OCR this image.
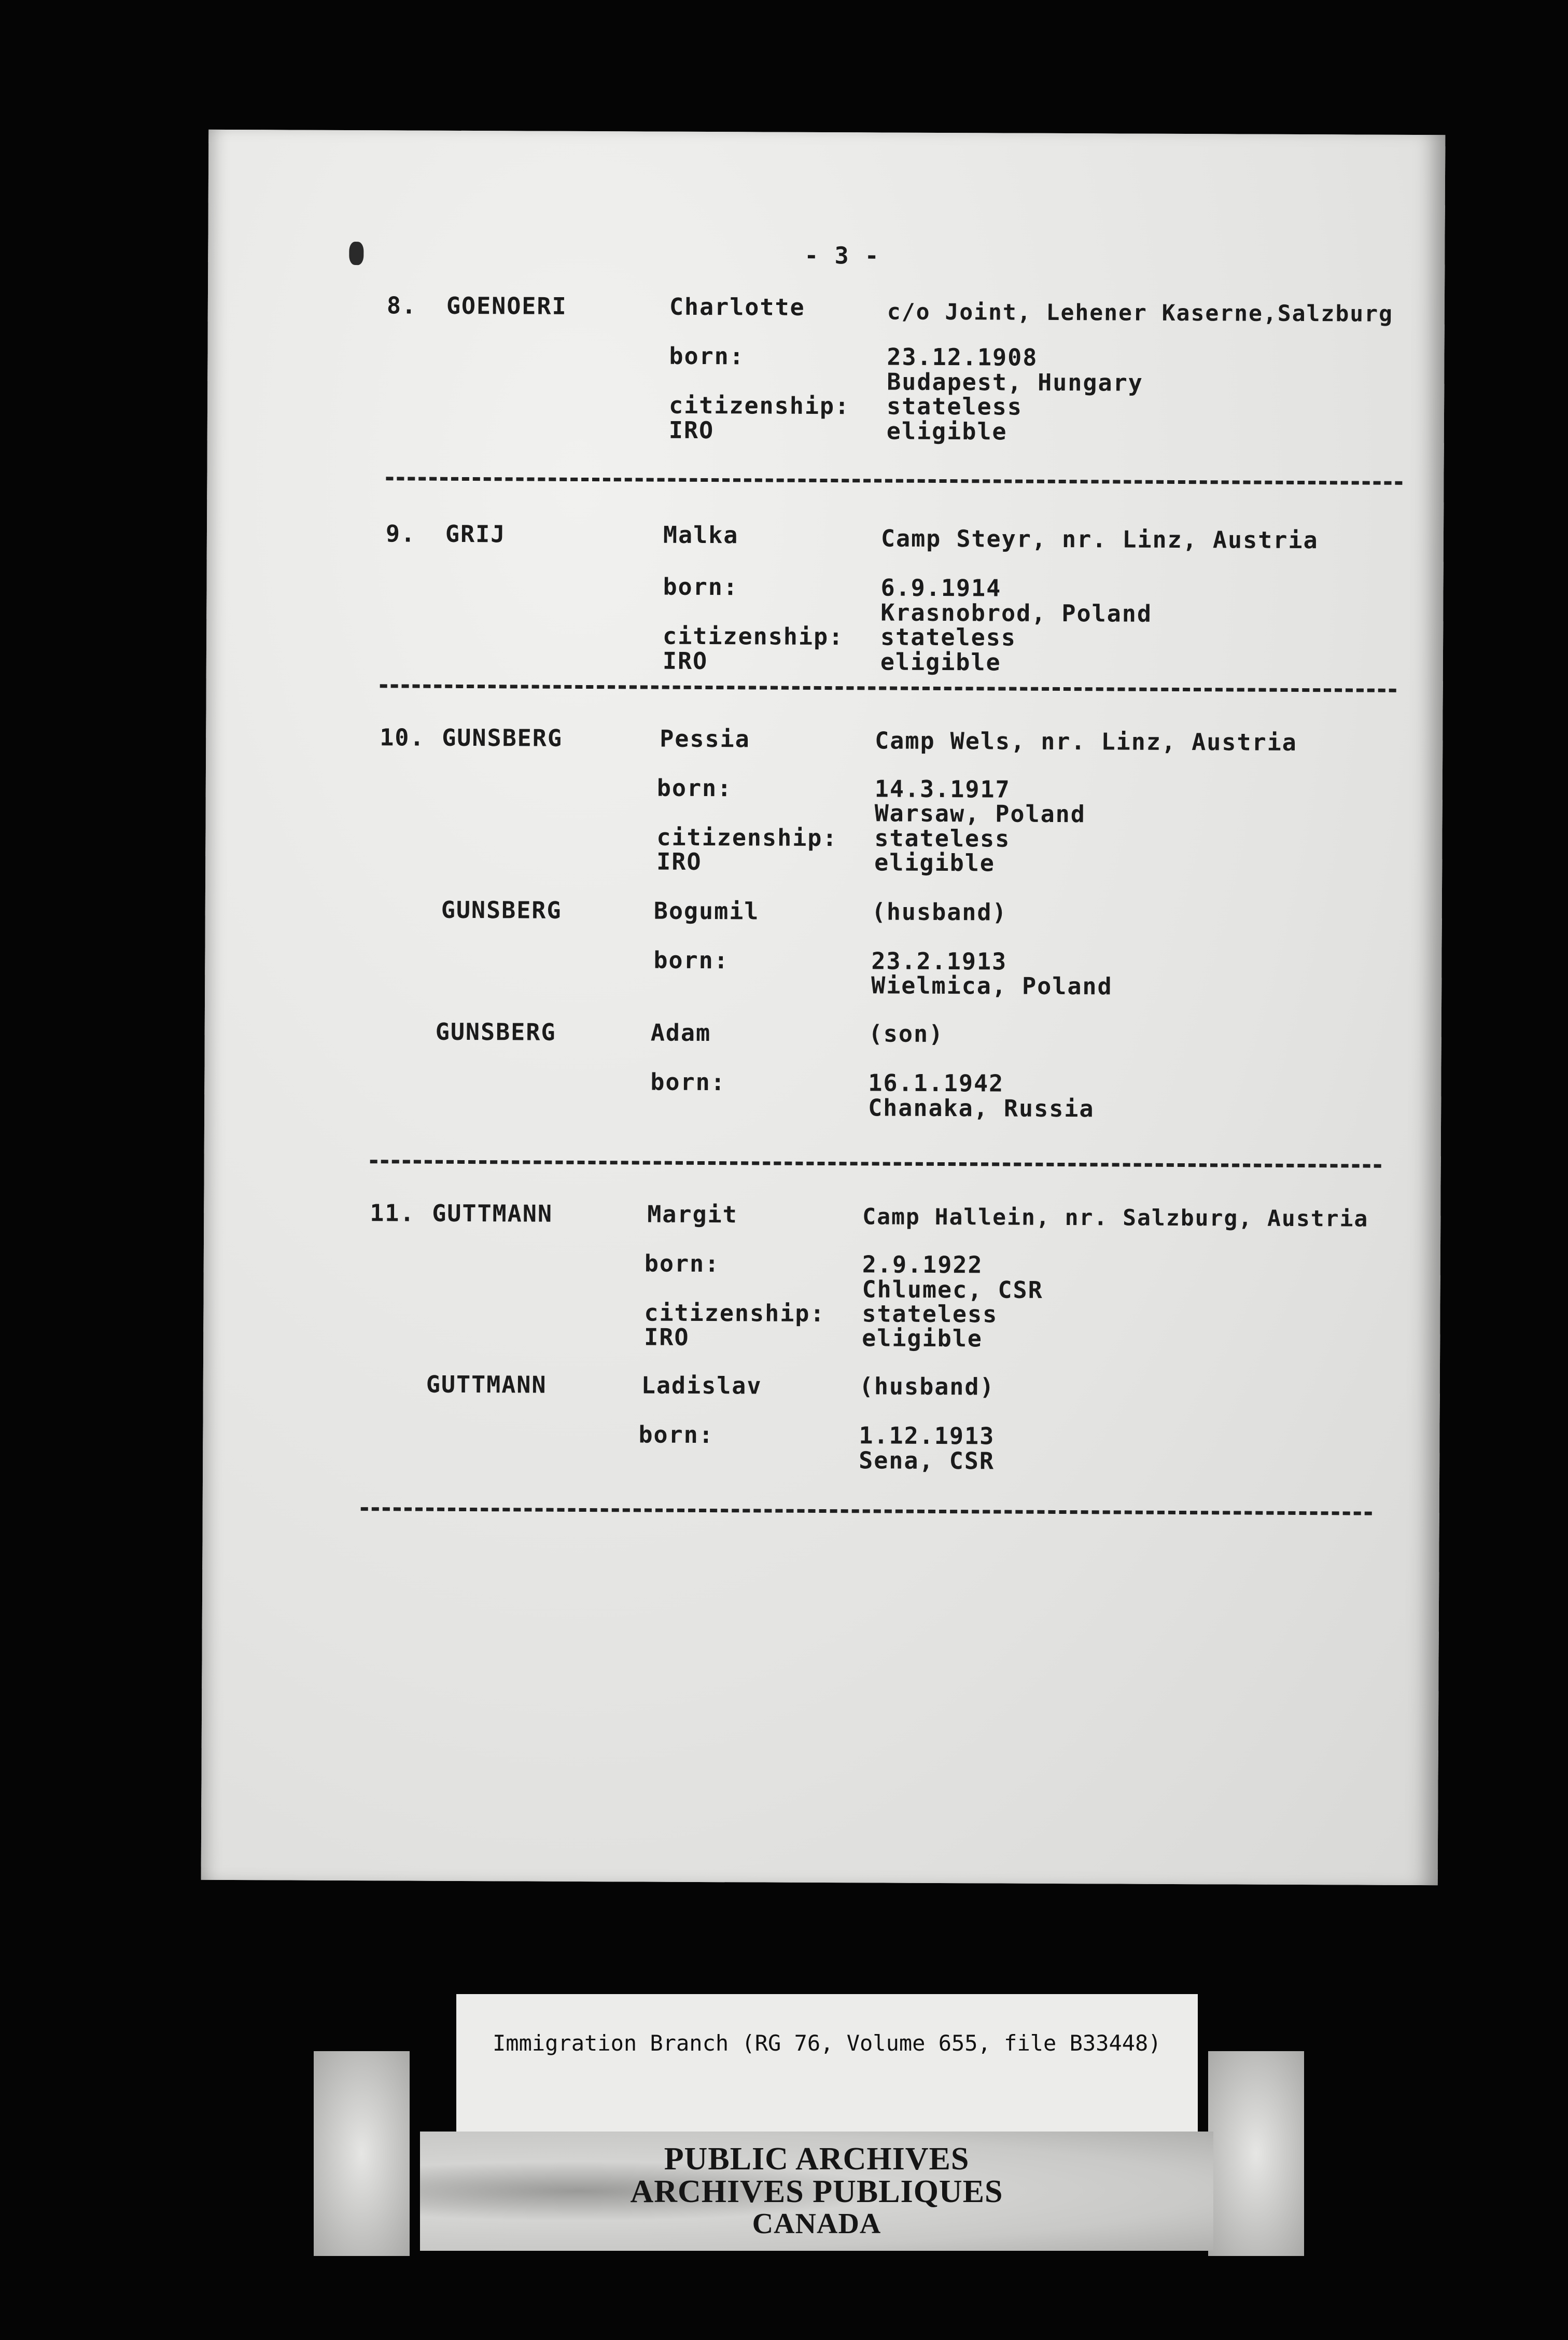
- 3 -
8. GOENOERI	Charlotte	c/o Joint, Lehener Kaserne,Salzburg
born:	23.12.1908
Budapest, Hungary
citizenship: stateless
IRO	eligible
9. GRIJ	Malka	Camp Steyr, nr. Linz, Austria
born:	6.9.1914
Krasnobrod, Poland
citizenship: stateless
IRO	eligible
10. GUNSBERG	Pessia	Camp Wels, nr. Linz, Austria
born:	14.3.1917
Warsaw, Poland
citizenship: stateless
IRO	eligible
GUNSBERG	Bogumil	(husband)
born:	23.2.1913
Wielmica, Poland
GUNSBERG	Adam	(son)
born:	16.1.1942
Chanaka, Russia
11. GUTTMANN	Margit	Camp Hallein, nr. Salzburg, Austria
born:	2.9.1922
Chlumec, CSR
citizenship: stateless
IRO	eligible
GUTTMANN	Ladislav	(husband)
born:	1.12.1913
Sena, CSR
Immigration Branch (RG 76, Volume 655, file B33448)
PUBLIC ARCHIVES
ARCHIVES PUBLIQUES
CANADA
